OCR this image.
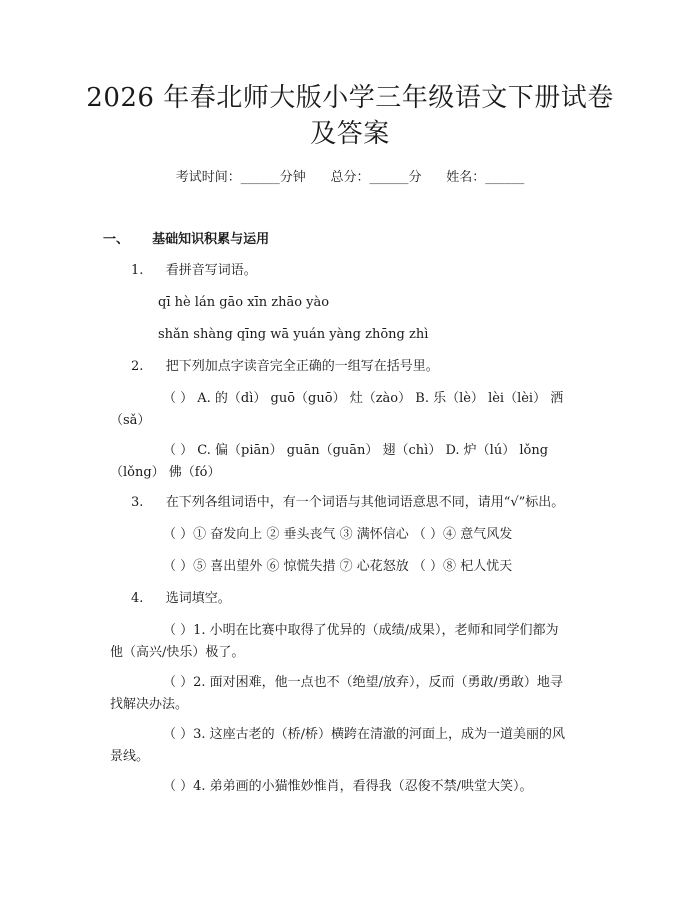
2026 年春北师大版小学三年级语文下册试卷
及答案
考试时间：______分钟      总分：______分      姓名：______
一、 基础知识积累与运用
1. 看拼音写词语。
qī hè lán gāo xīn zhāo yào
shǎn shàng qīng wā yuán yàng zhōng zhì
2. 把下列加点字读音完全正确的一组写在括号里。
（ ） A. 的（dì） guō（guō） 灶（zào） B. 乐（lè） lèi（lèi） 洒
（sǎ）
（ ） C. 偏（piān） guān（guān） 翅（chì） D. 炉（lú） lǒng
（lǒng） 佛（fó）
3. 在下列各组词语中，有一个词语与其他词语意思不同，请用“√”标出。
（ ）① 奋发向上 ② 垂头丧气 ③ 满怀信心 （ ）④ 意气风发
（ ）⑤ 喜出望外 ⑥ 惊慌失措 ⑦ 心花怒放 （ ）⑧ 杞人忧天
4. 选词填空。
（ ）1. 小明在比赛中取得了优异的（成绩/成果），老师和同学们都为
他（高兴/快乐）极了。
（ ）2. 面对困难，他一点也不（绝望/放弃），反而（勇敢/勇敢）地寻
找解决办法。
（ ）3. 这座古老的（桥/桥）横跨在清澈的河面上，成为一道美丽的风
景线。
（ ）4. 弟弟画的小猫惟妙惟肖，看得我（忍俊不禁/哄堂大笑）。
